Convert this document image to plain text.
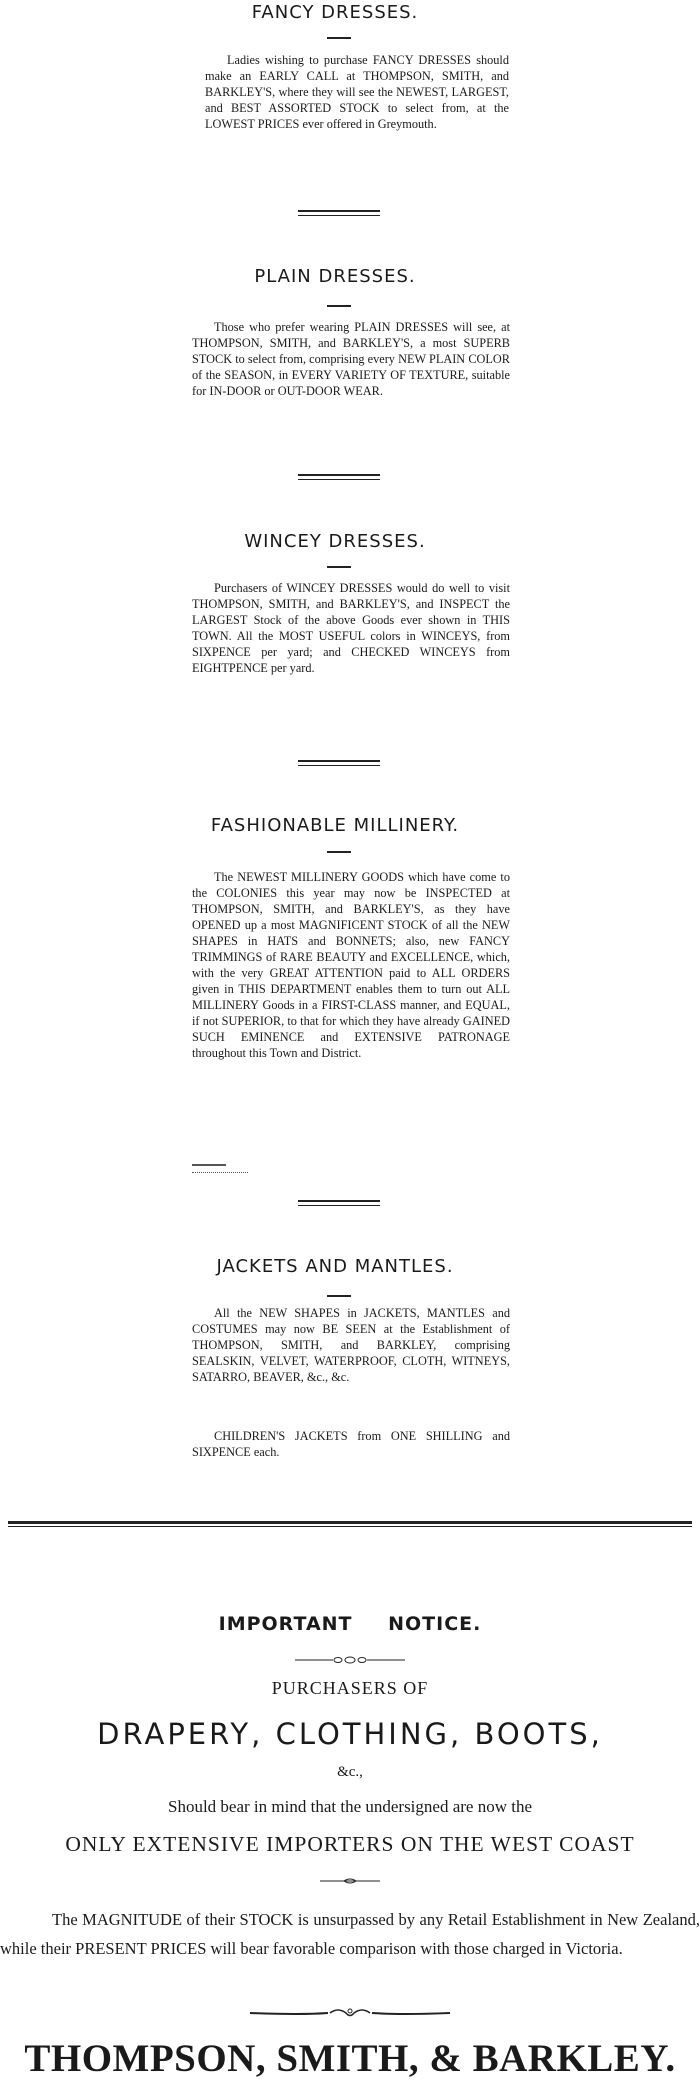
FANCY DRESSES.

Ladies wishing to purchase FANCY DRESSES should make an EARLY CALL at THOMPSON, SMITH, and BARKLEY'S, where they will see the NEWEST, LARGEST, and BEST ASSORTED STOCK to select from, at the LOWEST PRICES ever offered in Greymouth.

PLAIN DRESSES.

Those who prefer wearing PLAIN DRESSES will see, at THOMPSON, SMITH, and BARKLEY'S, a most SUPERB STOCK to select from, comprising every NEW PLAIN COLOR of the SEASON, in EVERY VARIETY OF TEXTURE, suitable for IN-DOOR or OUT-DOOR WEAR.

WINCEY DRESSES.

Purchasers of WINCEY DRESSES would do well to visit THOMPSON, SMITH, and BARKLEY'S, and INSPECT the LARGEST Stock of the above Goods ever shown in THIS TOWN. All the MOST USEFUL colors in WINCEYS, from SIXPENCE per yard; and CHECKED WINCEYS from EIGHTPENCE per yard.

FASHIONABLE MILLINERY.

The NEWEST MILLINERY GOODS which have come to the COLONIES this year may now be INSPECTED at THOMPSON, SMITH, and BARKLEY'S, as they have OPENED up a most MAGNIFICENT STOCK of all the NEW SHAPES in HATS and BONNETS; also, new FANCY TRIMMINGS of RARE BEAUTY and EXCELLENCE, which, with the very GREAT ATTENTION paid to ALL ORDERS given in THIS DEPARTMENT enables them to turn out ALL MILLINERY Goods in a FIRST-CLASS manner, and EQUAL, if not SUPERIOR, to that for which they have already GAINED SUCH EMINENCE and EXTENSIVE PATRONAGE throughout this Town and District.

JACKETS AND MANTLES.

All the NEW SHAPES in JACKETS, MANTLES and COSTUMES may now BE SEEN at the Establishment of THOMPSON, SMITH, and BARKLEY, comprising SEALSKIN, VELVET, WATERPROOF, CLOTH, WITNEYS, SATARRO, BEAVER, &c., &c.

CHILDREN'S JACKETS from ONE SHILLING and SIXPENCE each.

IMPORTANT NOTICE.

PURCHASERS OF

DRAPERY, CLOTHING, BOOTS,

&c.,

Should bear in mind that the undersigned are now the

ONLY EXTENSIVE IMPORTERS ON THE WEST COAST

The MAGNITUDE of their STOCK is unsurpassed by any Retail Establishment in New Zealand, while their PRESENT PRICES will bear favorable comparison with those charged in Victoria.

THOMPSON, SMITH, & BARKLEY.
